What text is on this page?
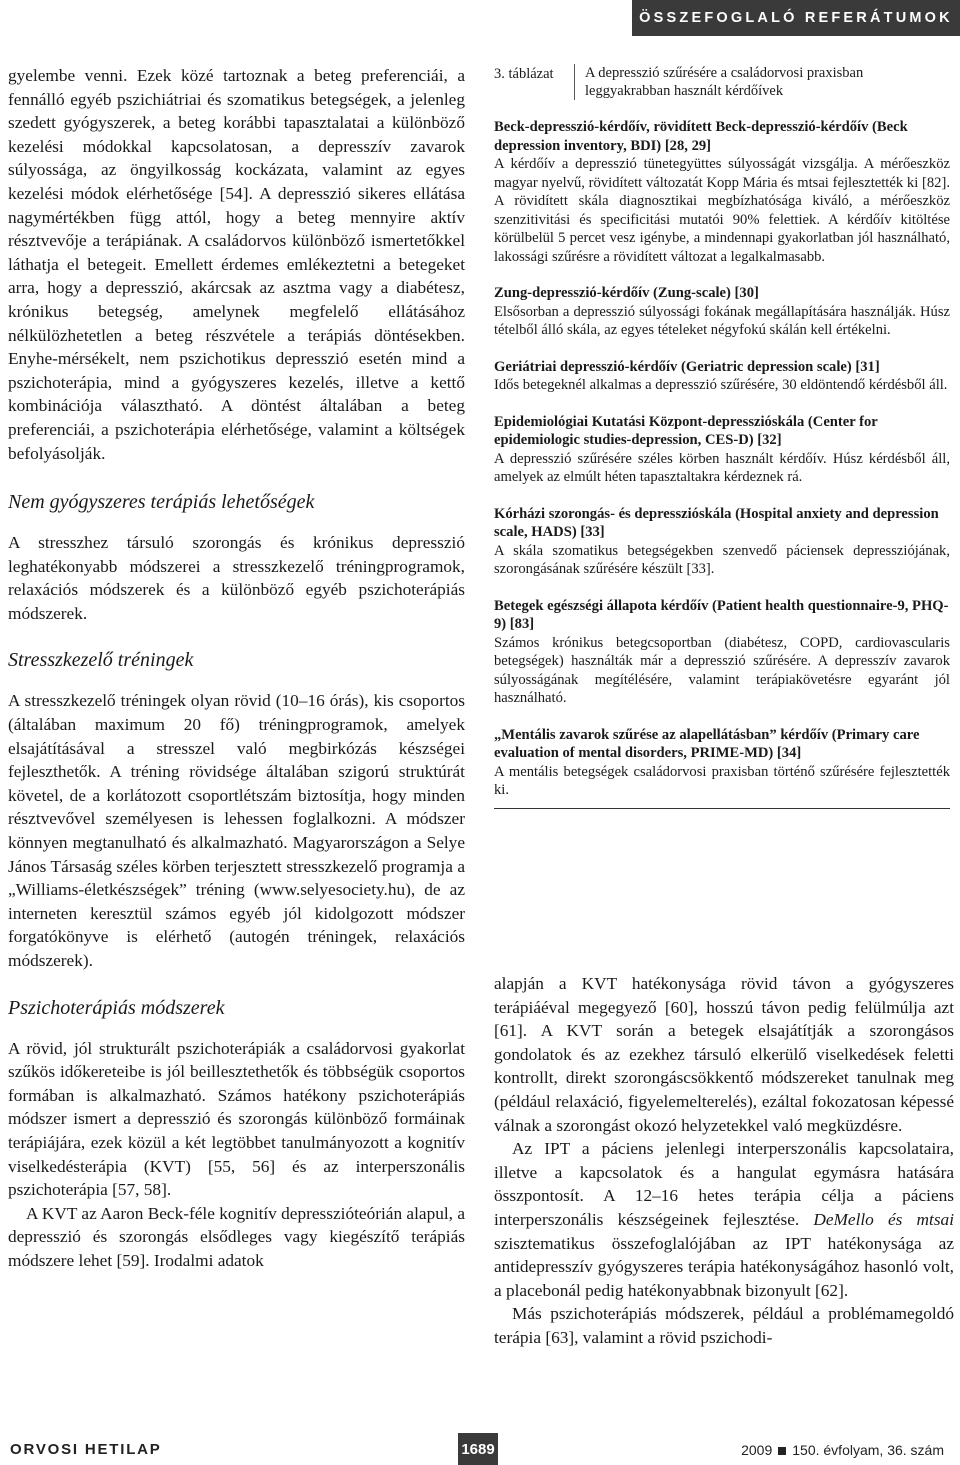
ÖSSZEFOGLALÓ REFERÁTUMOK

gyelembe venni. Ezek közé tartoznak a beteg preferenciái, a fennálló egyéb pszichiátriai és szomatikus betegségek, a jelenleg szedett gyógyszerek, a beteg korábbi tapasztalatai a különböző kezelési módokkal kapcsolatosan, a depresszív zavarok súlyossága, az öngyilkosság kockázata, valamint az egyes kezelési módok elérhetősége [54]. A depresszió sikeres ellátása nagymértékben függ attól, hogy a beteg mennyire aktív résztvevője a terápiának. A családorvos különböző ismertetőkkel láthatja el betegeit. Emellett érdemes emlékeztetni a betegeket arra, hogy a depresszió, akárcsak az asztma vagy a diabétesz, krónikus betegség, amelynek megfelelő ellátásához nélkülözhetetlen a beteg részvétele a terápiás döntésekben. Enyhe-mérsékelt, nem pszichotikus depresszió esetén mind a pszichoterápia, mind a gyógyszeres kezelés, illetve a kettő kombinációja választható. A döntést általában a beteg preferenciái, a pszichoterápia elérhetősége, valamint a költségek befolyásolják.

Nem gyógyszeres terápiás lehetőségek

A stresszhez társuló szorongás és krónikus depresszió leghatékonyabb módszerei a stresszkezelő tréningprogramok, relaxációs módszerek és a különböző egyéb pszichoterápiás módszerek.

Stresszkezelő tréningek

A stresszkezelő tréningek olyan rövid (10–16 órás), kis csoportos (általában maximum 20 fő) tréningprogramok, amelyek elsajátításával a stresszel való megbirkózás készségei fejleszthetők. A tréning rövidsége általában szigorú struktúrát követel, de a korlátozott csoportlétszám biztosítja, hogy minden résztvevővel személyesen is lehessen foglalkozni. A módszer könnyen megtanulható és alkalmazható. Magyarországon a Selye János Társaság széles körben terjesztett stresszkezelő programja a „Williams-életkészségek” tréning (www.selyesociety.hu), de az interneten keresztül számos egyéb jól kidolgozott módszer forgatókönyve is elérhető (autogén tréningek, relaxációs módszerek).

Pszichoterápiás módszerek

A rövid, jól strukturált pszichoterápiák a családorvosi gyakorlat szűkös időkereteibe is jól beillesztethetők és többségük csoportos formában is alkalmazható. Számos hatékony pszichoterápiás módszer ismert a depresszió és szorongás különböző formáinak terápiájára, ezek közül a két legtöbbet tanulmányozott a kognitív viselkedésterápia (KVT) [55, 56] és az interperszonális pszichoterápia [57, 58].

A KVT az Aaron Beck-féle kognitív depresszióteórián alapul, a depresszió és szorongás elsődleges vagy kiegészítő terápiás módszere lehet [59]. Irodalmi adatok

3. táblázat	A depresszió szűrésére a családorvosi praxisban leggyakrabban használt kérdőívek
Beck-depresszió-kérdőív, rövidített Beck-depresszió-kérdőív (Beck depression inventory, BDI) [28, 29]
A kérdőív a depresszió tünetegyüttes súlyosságát vizsgálja. A mérőeszköz magyar nyelvű, rövidített változatát Kopp Mária és mtsai fejlesztették ki [82]. A rövidített skála diagnosztikai megbízhatósága kiváló, a mérőeszköz szenzitivitási és specificitási mutatói 90% felettiek. A kérdőív kitöltése körülbelül 5 percet vesz igénybe, a mindennapi gyakorlatban jól használható, lakossági szűrésre a rövidített változat a legalkalmasabb.
Zung-depresszió-kérdőív (Zung-scale) [30]
Elsősorban a depresszió súlyossági fokának megállapítására használják. Húsz tételből álló skála, az egyes tételeket négyfokú skálán kell értékelni.
Geriátriai depresszió-kérdőív (Geriatric depression scale) [31]
Idős betegeknél alkalmas a depresszió szűrésére, 30 eldöntendő kérdésből áll.
Epidemiológiai Kutatási Központ-depresszióskála (Center for epidemiologic studies-depression, CES-D) [32]
A depresszió szűrésére széles körben használt kérdőív. Húsz kérdésből áll, amelyek az elmúlt héten tapasztaltakra kérdeznek rá.
Kórházi szorongás- és depresszióskála (Hospital anxiety and depression scale, HADS) [33]
A skála szomatikus betegségekben szenvedő páciensek depressziójának, szorongásának szűrésére készült [33].
Betegek egészségi állapota kérdőív (Patient health questionnaire-9, PHQ-9) [83]
Számos krónikus betegcsoportban (diabétesz, COPD, cardiovascularis betegségek) használták már a depresszió szűrésére. A depresszív zavarok súlyosságának megítélésére, valamint terápiakövetésre egyaránt jól használható.
„Mentális zavarok szűrése az alapellátásban” kérdőív (Primary care evaluation of mental disorders, PRIME-MD) [34]
A mentális betegségek családorvosi praxisban történő szűrésére fejlesztették ki.

alapján a KVT hatékonysága rövid távon a gyógyszeres terápiáéval megegyező [60], hosszú távon pedig felülmúlja azt [61]. A KVT során a betegek elsajátítják a szorongásos gondolatok és az ezekhez társuló elkerülő viselkedések feletti kontrollt, direkt szorongáscsökkentő módszereket tanulnak meg (például relaxáció, figyelemelterelés), ezáltal fokozatosan képessé válnak a szorongást okozó helyzetekkel való megküzdésre.

Az IPT a páciens jelenlegi interperszonális kapcsolataira, illetve a kapcsolatok és a hangulat egymásra hatására összpontosít. A 12–16 hetes terápia célja a páciens interperszonális készségeinek fejlesztése. DeMello és mtsai szisztematikus összefoglalójában az IPT hatékonysága az antidepresszív gyógyszeres terápia hatékonyságához hasonló volt, a placebonál pedig hatékonyabbnak bizonyult [62].

Más pszichoterápiás módszerek, például a problémamegoldó terápia [63], valamint a rövid pszichodi-

ORVOSI HETILAP	1689	2009 150. évfolyam, 36. szám
